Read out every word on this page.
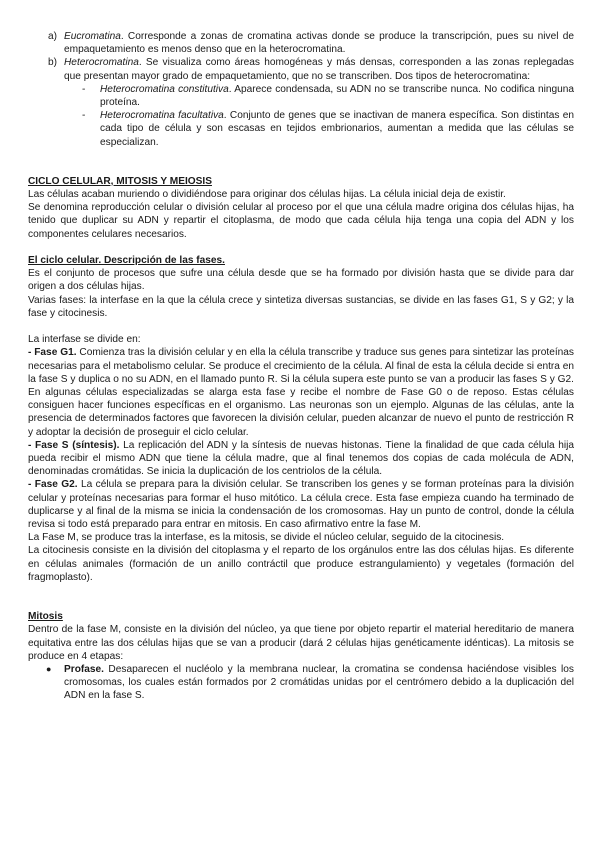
a) Eucromatina. Corresponde a zonas de cromatina activas donde se produce la transcripción, pues su nivel de empaquetamiento es menos denso que en la heterocromatina.

b) Heterocromatina. Se visualiza como áreas homogéneas y más densas, corresponden a las zonas replegadas que presentan mayor grado de empaquetamiento, que no se transcriben. Dos tipos de heterocromatina:

- Heterocromatina constitutiva. Aparece condensada, su ADN no se transcribe nunca. No codifica ninguna proteína.

- Heterocromatina facultativa. Conjunto de genes que se inactivan de manera específica. Son distintas en cada tipo de célula y son escasas en tejidos embrionarios, aumentan a medida que las células se especializan.

CICLO CELULAR, MITOSIS Y MEIOSIS

Las células acaban muriendo o dividiéndose para originar dos células hijas. La célula inicial deja de existir.

Se denomina reproducción celular o división celular al proceso por el que una célula madre origina dos células hijas, ha tenido que duplicar su ADN y repartir el citoplasma, de modo que cada célula hija tenga una copia del ADN y los componentes celulares necesarios.

El ciclo celular. Descripción de las fases.

Es el conjunto de procesos que sufre una célula desde que se ha formado por división hasta que se divide para dar origen a dos células hijas.

Varias fases: la interfase en la que la célula crece y sintetiza diversas sustancias, se divide en las fases G1, S y G2; y la fase y citocinesis.

La interfase se divide en:

- Fase G1. Comienza tras la división celular y en ella la célula transcribe y traduce sus genes para sintetizar las proteínas necesarias para el metabolismo celular. Se produce el crecimiento de la célula. Al final de esta la célula decide si entra en la fase S y duplica o no su ADN, en el llamado punto R. Si la célula supera este punto se van a producir las fases S y G2. En algunas células especializadas se alarga esta fase y recibe el nombre de Fase G0 o de reposo. Estas células consiguen hacer funciones específicas en el organismo. Las neuronas son un ejemplo. Algunas de las células, ante la presencia de determinados factores que favorecen la división celular, pueden alcanzar de nuevo el punto de restricción R y adoptar la decisión de proseguir el ciclo celular.

- Fase S (síntesis). La replicación del ADN y la síntesis de nuevas histonas. Tiene la finalidad de que cada célula hija pueda recibir el mismo ADN que tiene la célula madre, que al final tenemos dos copias de cada molécula de ADN, denominadas cromátidas. Se inicia la duplicación de los centriolos de la célula.

- Fase G2. La célula se prepara para la división celular. Se transcriben los genes y se forman proteínas para la división celular y proteínas necesarias para formar el huso mitótico. La célula crece. Esta fase empieza cuando ha terminado de duplicarse y al final de la misma se inicia la condensación de los cromosomas. Hay un punto de control, donde la célula revisa si todo está preparado para entrar en mitosis. En caso afirmativo entre la fase M.

La Fase M, se produce tras la interfase, es la mitosis, se divide el núcleo celular, seguido de la citocinesis.

La citocinesis consiste en la división del citoplasma y el reparto de los orgánulos entre las dos células hijas. Es diferente en células animales (formación de un anillo contráctil que produce estrangulamiento) y vegetales (formación del fragmoplasto).

Mitosis

Dentro de la fase M, consiste en la división del núcleo, ya que tiene por objeto repartir el material hereditario de manera equitativa entre las dos células hijas que se van a producir (dará 2 células hijas genéticamente idénticas). La mitosis se produce en 4 etapas:

● Profase. Desaparecen el nucléolo y la membrana nuclear, la cromatina se condensa haciéndose visibles los cromosomas, los cuales están formados por 2 cromátidas unidas por el centrómero debido a la duplicación del ADN en la fase S.
